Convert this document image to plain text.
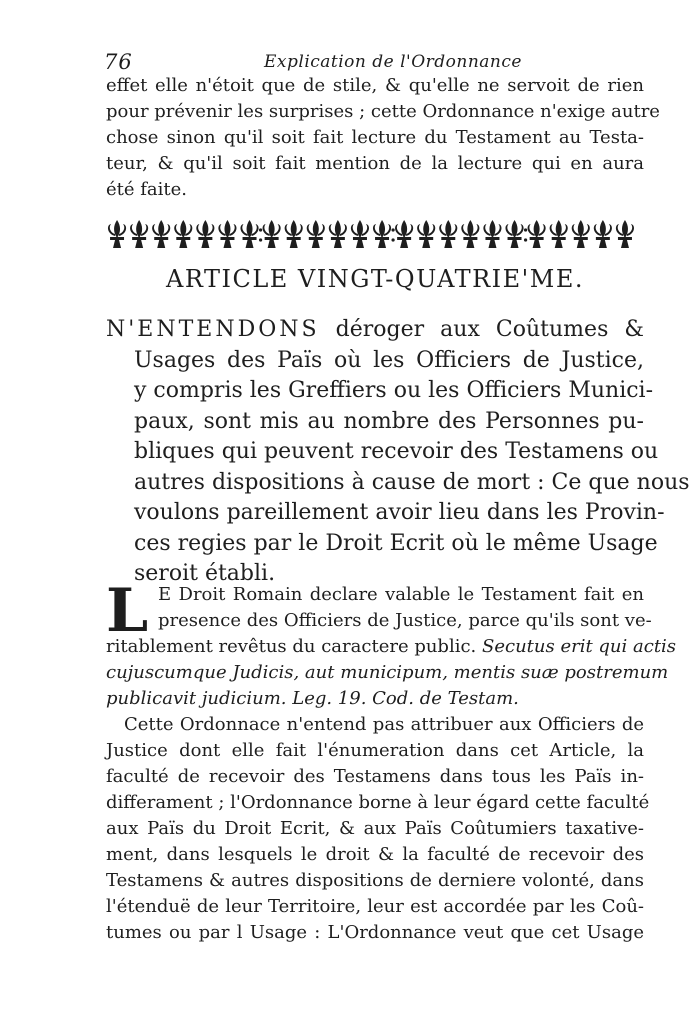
76	Explication de l'Ordonnance
effet elle n'étoit que de stile, & qu'elle ne servoit de rien
pour prévenir les surprises ; cette Ordonnance n'exige autre
chose sinon qu'il soit fait lecture du Testament au Testa-
teur, & qu'il soit fait mention de la lecture qui en aura
été faite.
ARTICLE VINGT-QUATRIE'ME.
N'ENTENDONS déroger aux Coûtumes &
Usages des Païs où les Officiers de Justice,
y compris les Greffiers ou les Officiers Munici-
paux, sont mis au nombre des Personnes pu-
bliques qui peuvent recevoir des Testamens ou
autres dispositions à cause de mort : Ce que nous
voulons pareillement avoir lieu dans les Provin-
ces regies par le Droit Ecrit où le même Usage
seroit établi.
L E Droit Romain declare valable le Testament fait en
presence des Officiers de Justice, parce qu'ils sont ve-
ritablement revêtus du caractere public. Secutus erit qui actis
cujuscumque Judicis, aut municipum, mentis suæ postremum
publicavit judicium. Leg. 19. Cod. de Testam.
Cette Ordonnace n'entend pas attribuer aux Officiers de
Justice dont elle fait l'énumeration dans cet Article, la
faculté de recevoir des Testamens dans tous les Païs in-
differament ; l'Ordonnance borne à leur égard cette faculté
aux Païs du Droit Ecrit, & aux Païs Coûtumiers taxative-
ment, dans lesquels le droit & la faculté de recevoir des
Testamens & autres dispositions de derniere volonté, dans
l'étenduë de leur Territoire, leur est accordée par les Coû-
tumes ou par l Usage : L'Ordonnance veut que cet Usage
